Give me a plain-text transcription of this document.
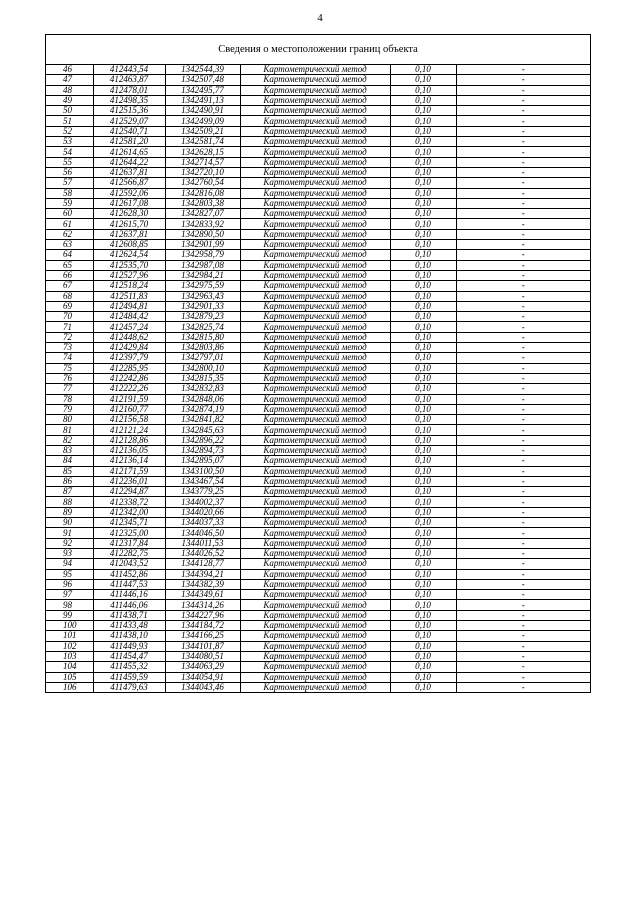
4
Сведения о местоположении границ объекта
46	412443,54	1342544,39	Картометрический метод	0,10	-
47	412463,87	1342507,48	Картометрический метод	0,10	-
48	412478,01	1342495,77	Картометрический метод	0,10	-
49	412498,35	1342491,13	Картометрический метод	0,10	-
50	412515,36	1342490,91	Картометрический метод	0,10	-
51	412529,07	1342499,09	Картометрический метод	0,10	-
52	412540,71	1342509,21	Картометрический метод	0,10	-
53	412581,20	1342581,74	Картометрический метод	0,10	-
54	412614,65	1342628,15	Картометрический метод	0,10	-
55	412644,22	1342714,57	Картометрический метод	0,10	-
56	412637,81	1342720,10	Картометрический метод	0,10	-
57	412566,87	1342760,54	Картометрический метод	0,10	-
58	412592,06	1342816,08	Картометрический метод	0,10	-
59	412617,08	1342803,38	Картометрический метод	0,10	-
60	412628,30	1342827,07	Картометрический метод	0,10	-
61	412615,70	1342833,92	Картометрический метод	0,10	-
62	412637,81	1342890,50	Картометрический метод	0,10	-
63	412608,85	1342901,99	Картометрический метод	0,10	-
64	412624,54	1342958,79	Картометрический метод	0,10	-
65	412535,70	1342987,08	Картометрический метод	0,10	-
66	412527,96	1342984,21	Картометрический метод	0,10	-
67	412518,24	1342975,59	Картометрический метод	0,10	-
68	412511,83	1342963,43	Картометрический метод	0,10	-
69	412494,81	1342901,33	Картометрический метод	0,10	-
70	412484,42	1342879,23	Картометрический метод	0,10	-
71	412457,24	1342825,74	Картометрический метод	0,10	-
72	412448,62	1342815,80	Картометрический метод	0,10	-
73	412429,84	1342803,86	Картометрический метод	0,10	-
74	412397,79	1342797,01	Картометрический метод	0,10	-
75	412285,95	1342800,10	Картометрический метод	0,10	-
76	412242,86	1342815,35	Картометрический метод	0,10	-
77	412222,26	1342832,83	Картометрический метод	0,10	-
78	412191,59	1342848,06	Картометрический метод	0,10	-
79	412160,77	1342874,19	Картометрический метод	0,10	-
80	412156,58	1342841,82	Картометрический метод	0,10	-
81	412121,24	1342845,63	Картометрический метод	0,10	-
82	412128,86	1342896,22	Картометрический метод	0,10	-
83	412136,05	1342894,73	Картометрический метод	0,10	-
84	412136,14	1342895,07	Картометрический метод	0,10	-
85	412171,59	1343100,50	Картометрический метод	0,10	-
86	412236,01	1343467,54	Картометрический метод	0,10	-
87	412294,87	1343779,25	Картометрический метод	0,10	-
88	412338,72	1344002,37	Картометрический метод	0,10	-
89	412342,00	1344020,66	Картометрический метод	0,10	-
90	412345,71	1344037,33	Картометрический метод	0,10	-
91	412325,00	1344046,50	Картометрический метод	0,10	-
92	412317,84	1344011,53	Картометрический метод	0,10	-
93	412282,75	1344026,52	Картометрический метод	0,10	-
94	412043,52	1344128,77	Картометрический метод	0,10	-
95	411452,86	1344394,21	Картометрический метод	0,10	-
96	411447,53	1344382,39	Картометрический метод	0,10	-
97	411446,16	1344349,61	Картометрический метод	0,10	-
98	411446,06	1344314,26	Картометрический метод	0,10	-
99	411438,71	1344227,96	Картометрический метод	0,10	-
100	411433,48	1344184,72	Картометрический метод	0,10	-
101	411438,10	1344166,25	Картометрический метод	0,10	-
102	411449,93	1344101,87	Картометрический метод	0,10	-
103	411454,47	1344080,51	Картометрический метод	0,10	-
104	411455,32	1344063,29	Картометрический метод	0,10	-
105	411459,59	1344054,91	Картометрический метод	0,10	-
106	411479,63	1344043,46	Картометрический метод	0,10	-
